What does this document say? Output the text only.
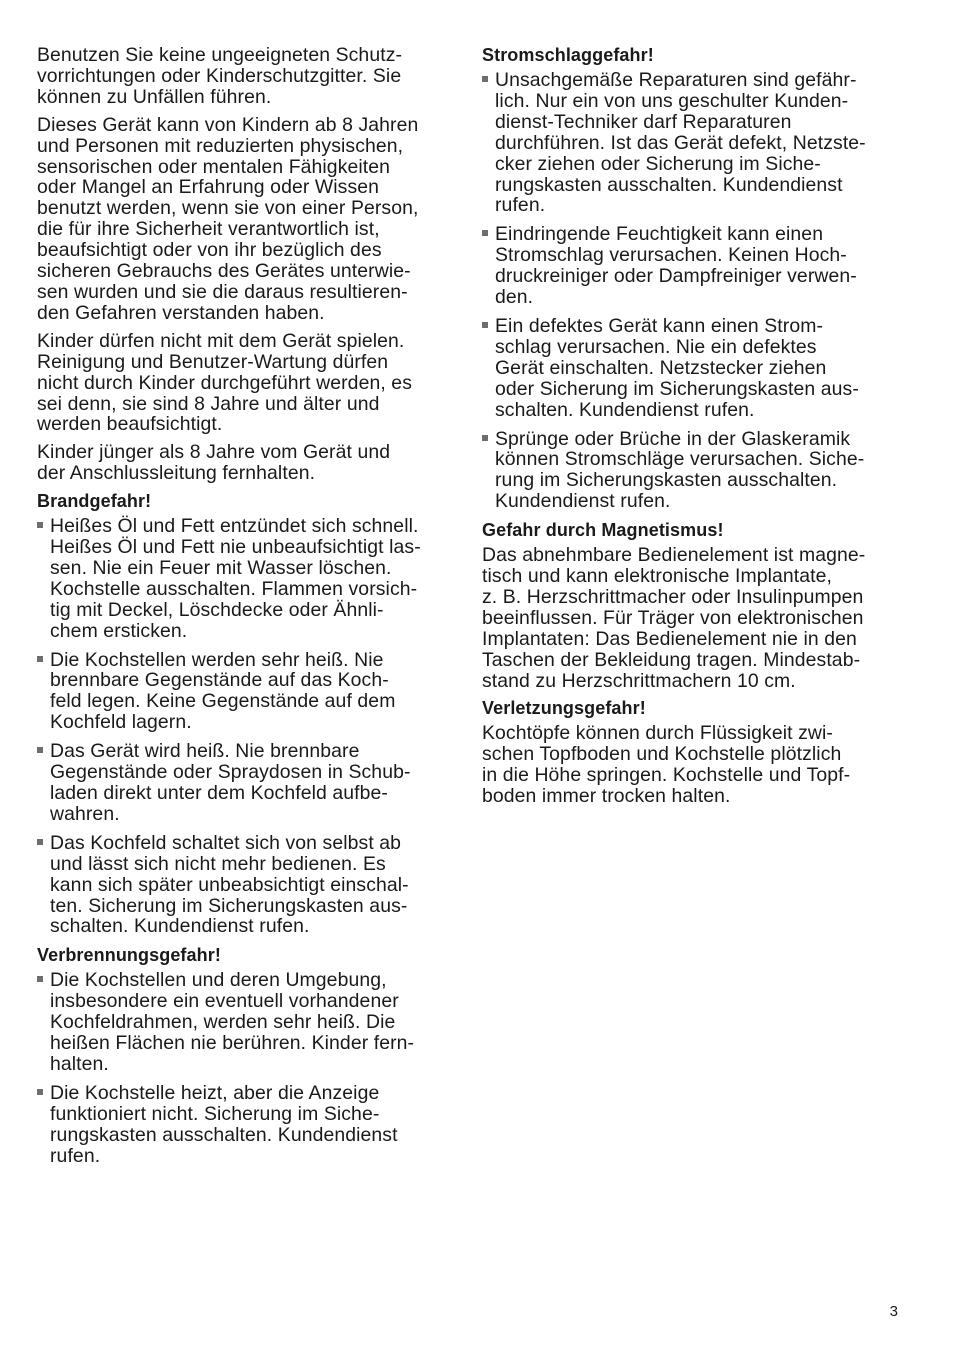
Benutzen Sie keine ungeeigneten Schutz-
vorrichtungen oder Kinderschutzgitter. Sie
können zu Unfällen führen.

Dieses Gerät kann von Kindern ab 8 Jahren
und Personen mit reduzierten physischen,
sensorischen oder mentalen Fähigkeiten
oder Mangel an Erfahrung oder Wissen
benutzt werden, wenn sie von einer Person,
die für ihre Sicherheit verantwortlich ist,
beaufsichtigt oder von ihr bezüglich des
sicheren Gebrauchs des Gerätes unterwie-
sen wurden und sie die daraus resultieren-
den Gefahren verstanden haben.

Kinder dürfen nicht mit dem Gerät spielen.
Reinigung und Benutzer-Wartung dürfen
nicht durch Kinder durchgeführt werden, es
sei denn, sie sind 8 Jahre und älter und
werden beaufsichtigt.

Kinder jünger als 8 Jahre vom Gerät und
der Anschlussleitung fernhalten.

Brandgefahr!
Heißes Öl und Fett entzündet sich schnell.
Heißes Öl und Fett nie unbeaufsichtigt las-
sen. Nie ein Feuer mit Wasser löschen.
Kochstelle ausschalten. Flammen vorsich-
tig mit Deckel, Löschdecke oder Ähnli-
chem ersticken.
Die Kochstellen werden sehr heiß. Nie
brennbare Gegenstände auf das Koch-
feld legen. Keine Gegenstände auf dem
Kochfeld lagern.
Das Gerät wird heiß. Nie brennbare
Gegenstände oder Spraydosen in Schub-
laden direkt unter dem Kochfeld aufbe-
wahren.
Das Kochfeld schaltet sich von selbst ab
und lässt sich nicht mehr bedienen. Es
kann sich später unbeabsichtigt einschal-
ten. Sicherung im Sicherungskasten aus-
schalten. Kundendienst rufen.
Verbrennungsgefahr!
Die Kochstellen und deren Umgebung,
insbesondere ein eventuell vorhandener
Kochfeldrahmen, werden sehr heiß. Die
heißen Flächen nie berühren. Kinder fern-
halten.
Die Kochstelle heizt, aber die Anzeige
funktioniert nicht. Sicherung im Siche-
rungskasten ausschalten. Kundendienst
rufen.
Stromschlaggefahr!
Unsachgemäße Reparaturen sind gefähr-
lich. Nur ein von uns geschulter Kunden-
dienst-Techniker darf Reparaturen
durchführen. Ist das Gerät defekt, Netzste-
cker ziehen oder Sicherung im Siche-
rungskasten ausschalten. Kundendienst
rufen.
Eindringende Feuchtigkeit kann einen
Stromschlag verursachen. Keinen Hoch-
druckreiniger oder Dampfreiniger verwen-
den.
Ein defektes Gerät kann einen Strom-
schlag verursachen. Nie ein defektes
Gerät einschalten. Netzstecker ziehen
oder Sicherung im Sicherungskasten aus-
schalten. Kundendienst rufen.
Sprünge oder Brüche in der Glaskeramik
können Stromschläge verursachen. Siche-
rung im Sicherungskasten ausschalten.
Kundendienst rufen.
Gefahr durch Magnetismus!

Das abnehmbare Bedienelement ist magne-
tisch und kann elektronische Implantate,
z. B. Herzschrittmacher oder Insulinpumpen
beeinflussen. Für Träger von elektronischen
Implantaten: Das Bedienelement nie in den
Taschen der Bekleidung tragen. Mindestab-
stand zu Herzschrittmachern 10 cm.

Verletzungsgefahr!

Kochtöpfe können durch Flüssigkeit zwi-
schen Topfboden und Kochstelle plötzlich
in die Höhe springen. Kochstelle und Topf-
boden immer trocken halten.

3
